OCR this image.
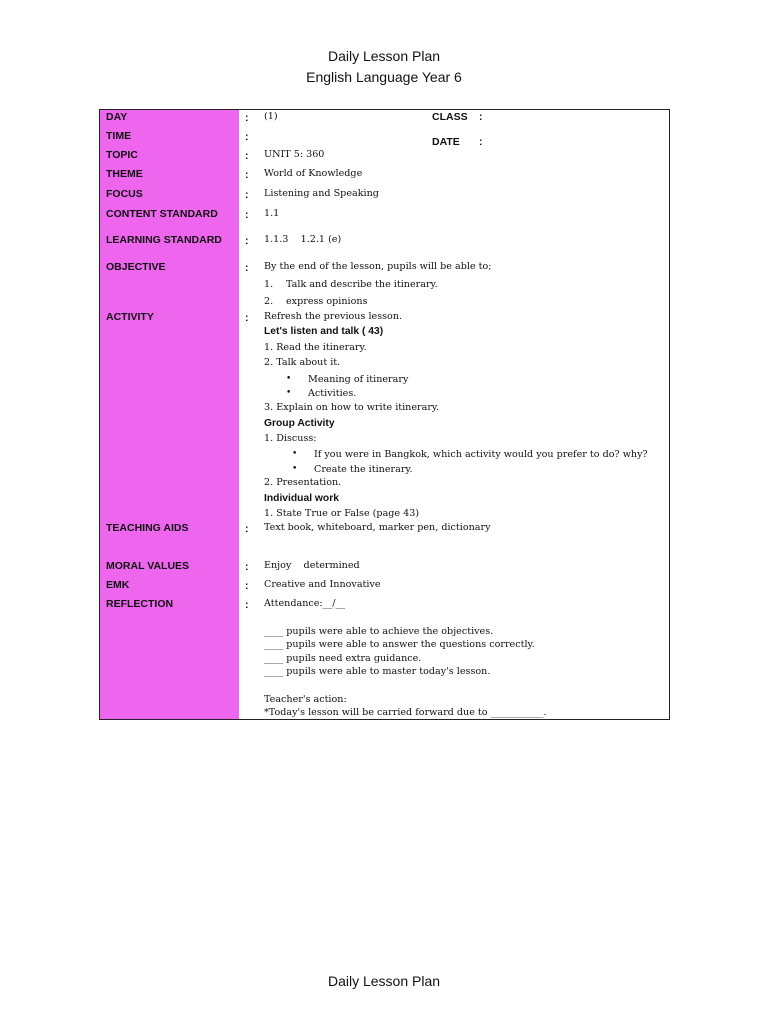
Daily Lesson Plan
English Language Year 6
DAY
TIME
TOPIC
THEME
FOCUS
CONTENT STANDARD
LEARNING STANDARD
OBJECTIVE
ACTIVITY
TEACHING AIDS
MORAL VALUES
EMK
REFLECTION
:
:
:
:
:
:
:
:
:
:
:
:
:
CLASS :
DATE :
(1)
UNIT 5: 360
World of Knowledge
Listening and Speaking
1.1
1.1.3    1.2.1 (e)
By the end of the lesson, pupils will be able to;
1. Talk and describe the itinerary.
2. express opinions
Refresh the previous lesson.
Let's listen and talk ( 43)
1. Read the itinerary.
2. Talk about it.
• Meaning of itinerary
• Activities.
3. Explain on how to write itinerary.
Group Activity
1. Discuss:
• If you were in Bangkok, which activity would you prefer to do? why?
• Create the itinerary.
2. Presentation.
Individual work
1. State True or False (page 43)
Text book, whiteboard, marker pen, dictionary
Enjoy    determined
Creative and Innovative
Attendance:__/__
____ pupils were able to achieve the objectives.
____ pupils were able to answer the questions correctly.
____ pupils need extra guidance.
____ pupils were able to master today's lesson.
Teacher's action:
*Today's lesson will be carried forward due to ___________.
Daily Lesson Plan
